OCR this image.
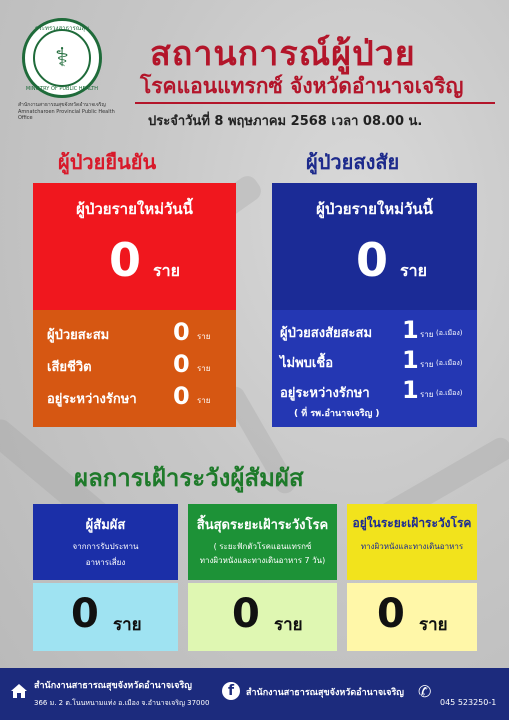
กระทรวงสาธารณสุข
⚕
MINISTRY OF PUBLIC HEALTH
สำนักงานสาธารณสุขจังหวัดอำนาจเจริญ
Amnatcharoen Provincial Public Health Office
สถานการณ์ผู้ป่วย
โรคแอนแทรกซ์ จังหวัดอำนาจเจริญ
ประจำวันที่ 8 พฤษภาคม 2568 เวลา 08.00 น.
ผู้ป่วยยืนยัน
ผู้ป่วยรายใหม่วันนี้
0 ราย
ผู้ป่วยสะสม	0 ราย
เสียชีวิต	0 ราย
อยู่ระหว่างรักษา 0 ราย
ผู้ป่วยสงสัย
ผู้ป่วยรายใหม่วันนี้
0 ราย
ผู้ป่วยสงสัยสะสม 1 ราย (อ.เมือง)
ไม่พบเชื้อ	1 ราย (อ.เมือง)
อยู่ระหว่างรักษา 1 ราย (อ.เมือง)
( ที่ รพ.อำนาจเจริญ )
ผลการเฝ้าระวังผู้สัมผัส
ผู้สัมผัส
จากการรับประทาน
อาหารเสี่ยง
สิ้นสุดระยะเฝ้าระวังโรค
( ระยะฟักตัวโรคแอนแทรกซ์
ทางผิวหนังและทางเดินอาหาร 7 วัน)
อยู่ในระยะเฝ้าระวังโรค
ทางผิวหนังและทางเดินอาหาร
0 ราย 0 ราย 0 ราย
สำนักงานสาธารณสุขจังหวัดอำนาจเจริญ
366 ม. 2 ต.โนนหนามแท่ง อ.เมือง จ.อำนาจเจริญ 37000
f	สำนักงานสาธารณสุขจังหวัดอำนาจเจริญ ✆
045 523250-1
